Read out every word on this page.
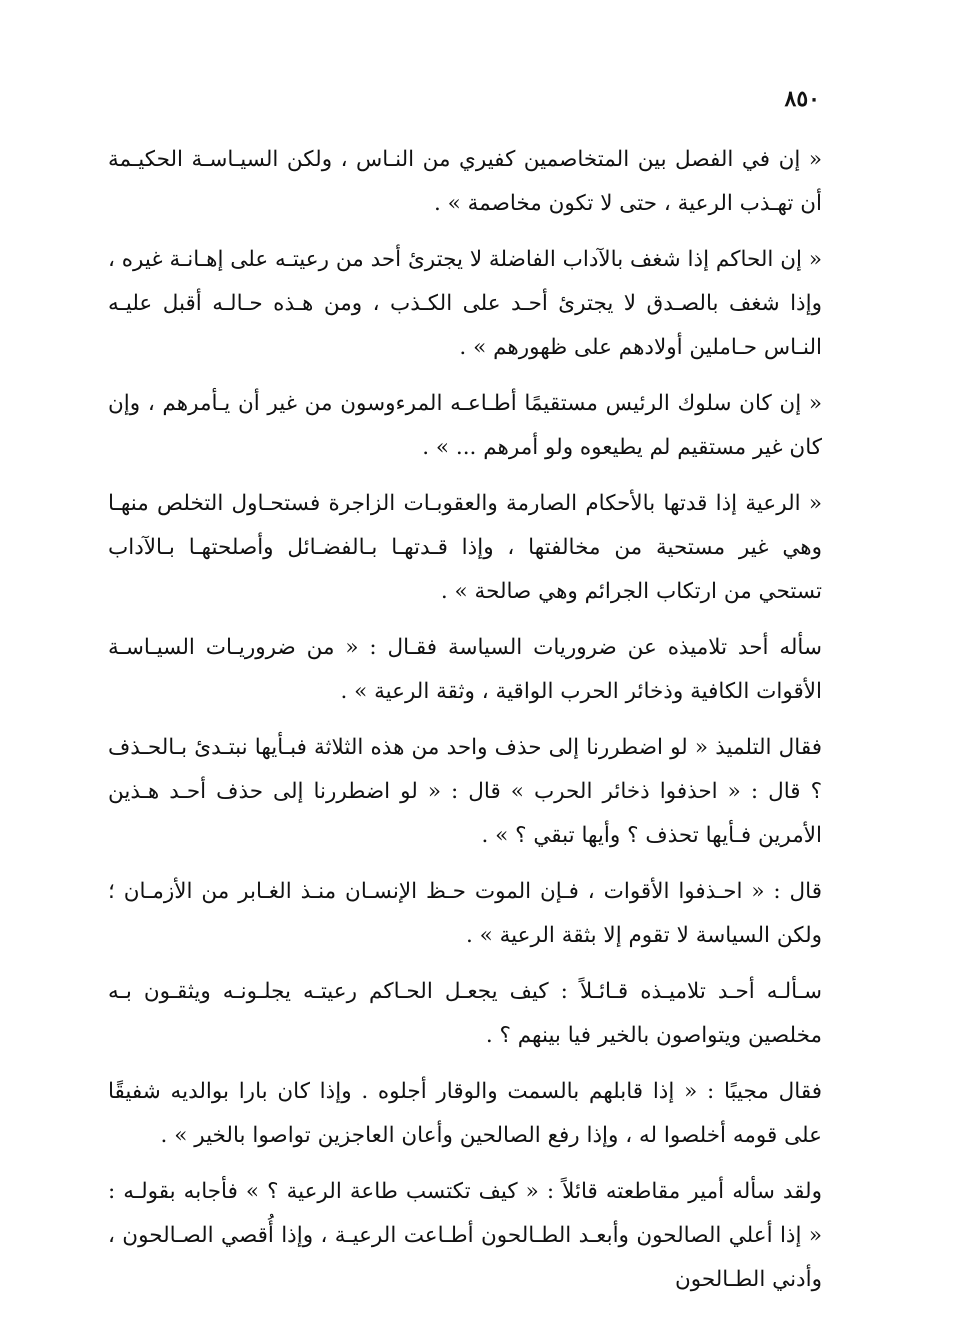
٨٥٠

« إن في الفصل بين المتخاصمين كفيري من النـاس ، ولكن السيـاسـة الحكيـمة أن تهـذب الرعية ، حتى لا تكون مخاصمة » .

« إن الحاكم إذا شغف بالآداب الفاضلة لا يجترئ أحد من رعيتـه على إهـانـة غيره ، وإذا شغف بالصـدق لا يجترئ أحـد على الكـذب ، ومن هـذه حـالـه أقبل عليـه النـاس حـاملين أولادهم على ظهورهم » .

« إن كان سلوك الرئيس مستقيمًا أطـاعـه المرءوسون من غير أن يـأمرهم ، وإن كان غير مستقيم لم يطيعوه ولو أمرهم ... » .

« الرعية إذا قدتها بالأحكام الصارمة والعقوبـات الزاجرة فستحـاول التخلص منهـا وهي غير مستحية من مخالفتها ، وإذا قـدتهـا بـالفضـائل وأصلحتهـا بـالآداب تستحي من ارتكاب الجرائم وهي صالحة » .

سأله أحد تلاميذه عن ضروريات السياسة فقـال : « من ضروريـات السيـاسـة الأقوات الكافية وذخائر الحرب الواقية ، وثقة الرعية » .

فقال التلميذ « لو اضطررنا إلى حذف واحد من هذه الثلاثة فبـأيها نبتـدئ بـالحـذف ؟ قال : « احذفوا ذخائر الحرب » قال : « لو اضطررنا إلى حذف أحـد هـذين الأمرين فـأيها تحذف ؟ وأيها تبقي ؟ » .

قال : « احـذفوا الأقوات ، فـإن الموت حـظ الإنسـان منـذ الغـابر من الأزمـان ؛ ولكن السياسة لا تقوم إلا بثقة الرعية » .

سـألـه أحـد تلاميـذه قـائـلاً : كيف يجعـل الحـاكم رعيتـه يجلـونـه ويثقـون بـه مخلصين ويتواصون بالخير فيا بينهم ؟ .

فقال مجيبًا : « إذا قابلهم بالسمت والوقار أجلوه . وإذا كان بارا بوالديه شفيقًا على قومه أخلصوا له ، وإذا رفع الصالحين وأعان العاجزين تواصوا بالخير » .

ولقد سأله أمير مقاطعته قائلاً : « كيف تكتسب طاعة الرعية ؟ » فأجابه بقولـه : « إذا أعلي الصالحون وأبعـد الطـالحون أطـاعت الرعيـة ، وإذا أُقصي الصـالحون ، وأدني الطـالحون
